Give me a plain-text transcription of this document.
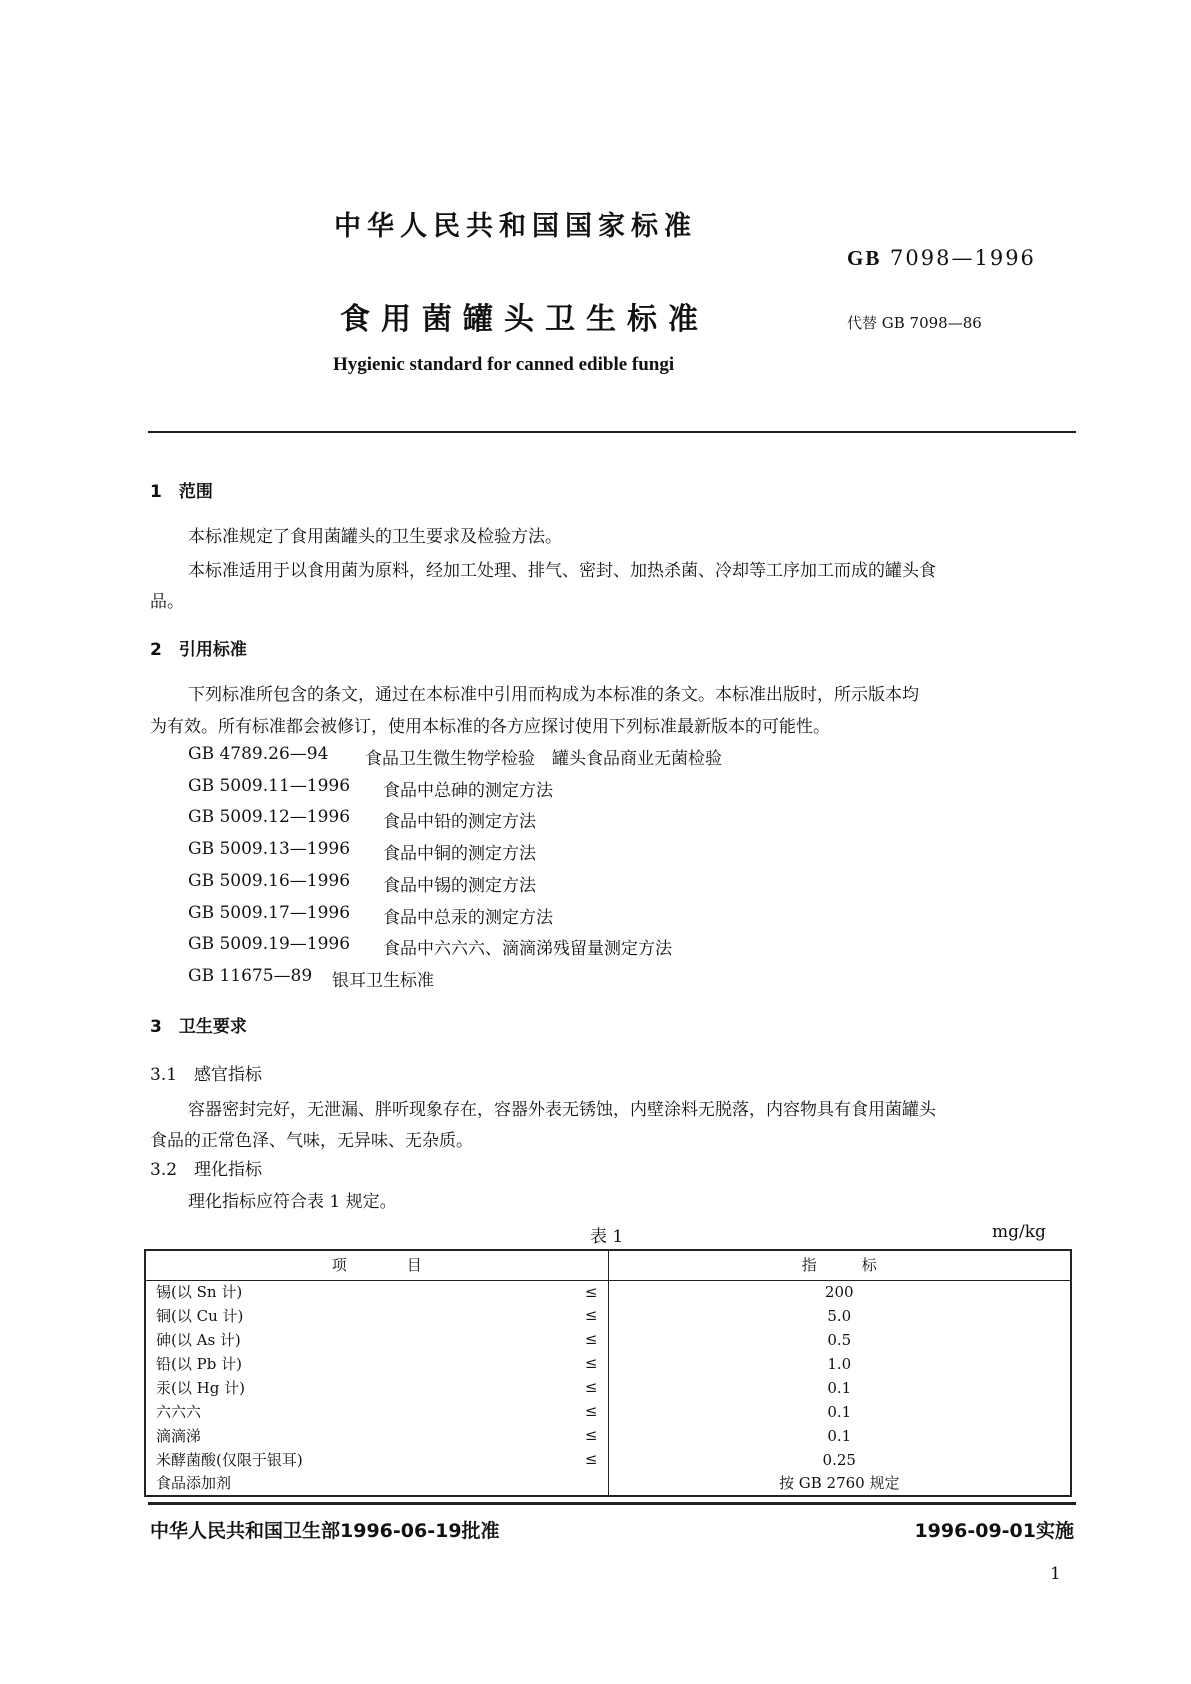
中华人民共和国国家标准
GB 7098—1996
食用菌罐头卫生标准	代替 GB 7098—86
Hygienic standard for canned edible fungi
1　范围
本标准规定了食用菌罐头的卫生要求及检验方法。
本标准适用于以食用菌为原料，经加工处理、排气、密封、加热杀菌、冷却等工序加工而成的罐头食
品。
2　引用标准
下列标准所包含的条文，通过在本标准中引用而构成为本标准的条文。本标准出版时，所示版本均
为有效。所有标准都会被修订，使用本标准的各方应探讨使用下列标准最新版本的可能性。
GB 4789.26—94 食品卫生微生物学检验　罐头食品商业无菌检验
GB 5009.11—1996 食品中总砷的测定方法
GB 5009.12—1996 食品中铅的测定方法
GB 5009.13—1996 食品中铜的测定方法
GB 5009.16—1996 食品中锡的测定方法
GB 5009.17—1996 食品中总汞的测定方法
GB 5009.19—1996 食品中六六六、滴滴涕残留量测定方法
GB 11675—89 银耳卫生标准
3　卫生要求
3.1　感官指标
容器密封完好，无泄漏、胖听现象存在，容器外表无锈蚀，内壁涂料无脱落，内容物具有食用菌罐头
食品的正常色泽、气味，无异味、无杂质。
3.2　理化指标
理化指标应符合表 1 规定。
表 1	mg/kg
项　　　　目	指　　　标
锡(以 Sn 计) ≤	200
铜(以 Cu 计) ≤	5.0
砷(以 As 计) ≤	0.5
铅(以 Pb 计) ≤	1.0
汞(以 Hg 计) ≤	0.1
六六六 ≤	0.1
滴滴涕 ≤	0.1
米酵菌酸(仅限于银耳) ≤	0.25
食品添加剂	按 GB 2760 规定
中华人民共和国卫生部1996-06-19批准	1996-09-01实施
1
